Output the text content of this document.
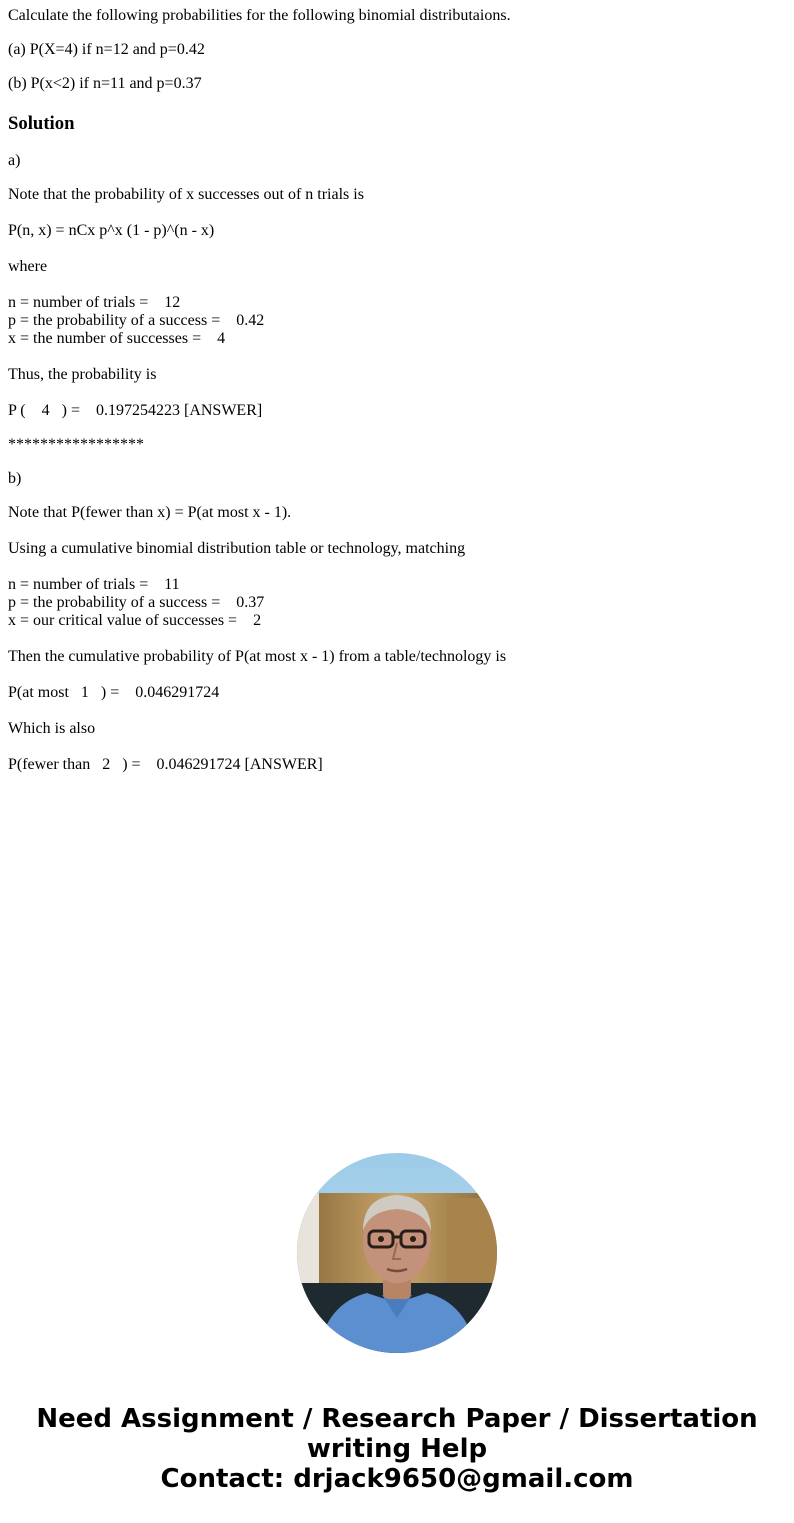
Calculate the following probabilities for the following binomial distributaions.

(a) P(X=4) if n=12 and p=0.42

(b) P(x<2) if n=11 and p=0.37

Solution

a)

Note that the probability of x successes out of n trials is

P(n, x) = nCx p^x (1 - p)^(n - x)

where

n = number of trials =    12

p = the probability of a success =    0.42

x = the number of successes =    4

Thus, the probability is

P (    4   ) =    0.197254223 [ANSWER]

*****************

b)

Note that P(fewer than x) = P(at most x - 1).

Using a cumulative binomial distribution table or technology, matching

n = number of trials =    11

p = the probability of a success =    0.37

x = our critical value of successes =    2

Then the cumulative probability of P(at most x - 1) from a table/technology is

P(at most   1   ) =    0.046291724

Which is also

P(fewer than   2   ) =    0.046291724 [ANSWER]

Need Assignment / Research Paper / Dissertation
writing Help
Contact: drjack9650@gmail.com
